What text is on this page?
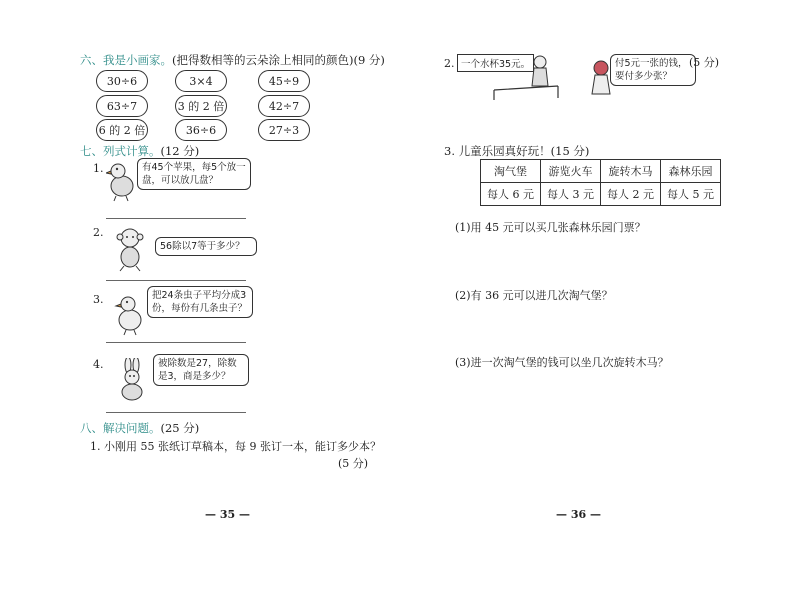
六、我是小画家。(把得数相等的云朵涂上相同的颜色)(9 分)
30÷6	3×4	45÷9
63÷7	3 的 2 倍	42÷7
6 的 2 倍	36÷6	27÷3
七、列式计算。(12 分)
1.	有45个苹果，每5个放一盘，可以放几盘？
2.
56除以7等于多少？
3.	把24条虫子平均分成3份，每份有几条虫子？
4.	被除数是27，除数是3，商是多少？
八、解决问题。(25 分)
1. 小刚用 55 张纸订草稿本，每 9 张订一本，能订多少本？
(5 分)
— 35 —
2. 一个水杯35元。	付5元一张的钱，要付多少张？
(5 分)
3. 儿童乐园真好玩！(15 分)
淘气堡	游览火车	旋转木马	森林乐园
每人 6 元	每人 3 元	每人 2 元	每人 5 元
(1)用 45 元可以买几张森林乐园门票？
(2)有 36 元可以进几次淘气堡？
(3)进一次淘气堡的钱可以坐几次旋转木马？
— 36 —
